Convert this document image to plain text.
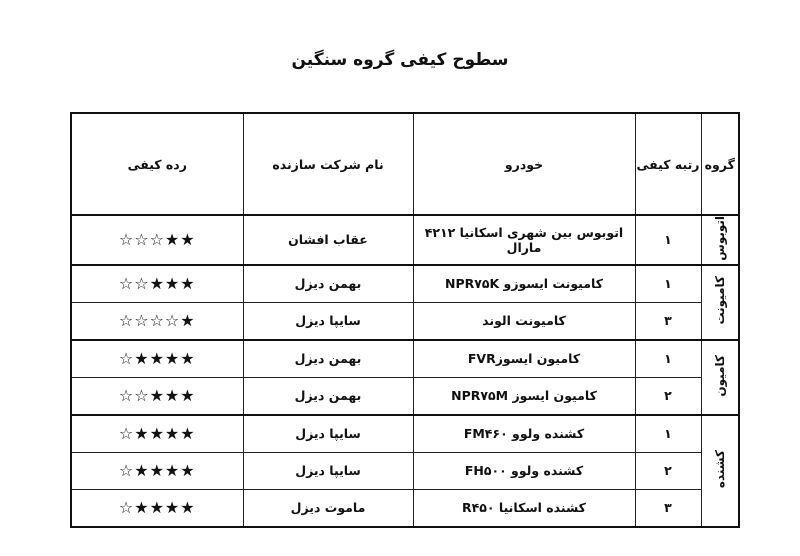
سطوح کیفی گروه سنگین
گروه	رتبه کیفی	خودرو	نام شرکت سازنده	رده کیفی
اتوبوس	۱	اتوبوس بین شهری اسکانیا ۴۲۱۲ مارال	عقاب افشان	★★☆☆☆
کامیونت	۱	کامیونت ایسوزو NPR۷۵K	بهمن دیزل	★★★☆☆
	۳	کامیونت الوند	سایپا دیزل	★☆☆☆☆
کامیون	۱	کامیون ایسوزFVR	بهمن دیزل	★★★★☆
	۲	کامیون ایسوز NPR۷۵M	بهمن دیزل	★★★☆☆
کشنده	۱	کشنده ولوو FM۴۶۰	سایپا دیزل	★★★★☆
	۲	کشنده ولوو FH۵۰۰	سایپا دیزل	★★★★☆
	۳	کشنده اسکانیا R۴۵۰	ماموت دیزل	★★★★☆
